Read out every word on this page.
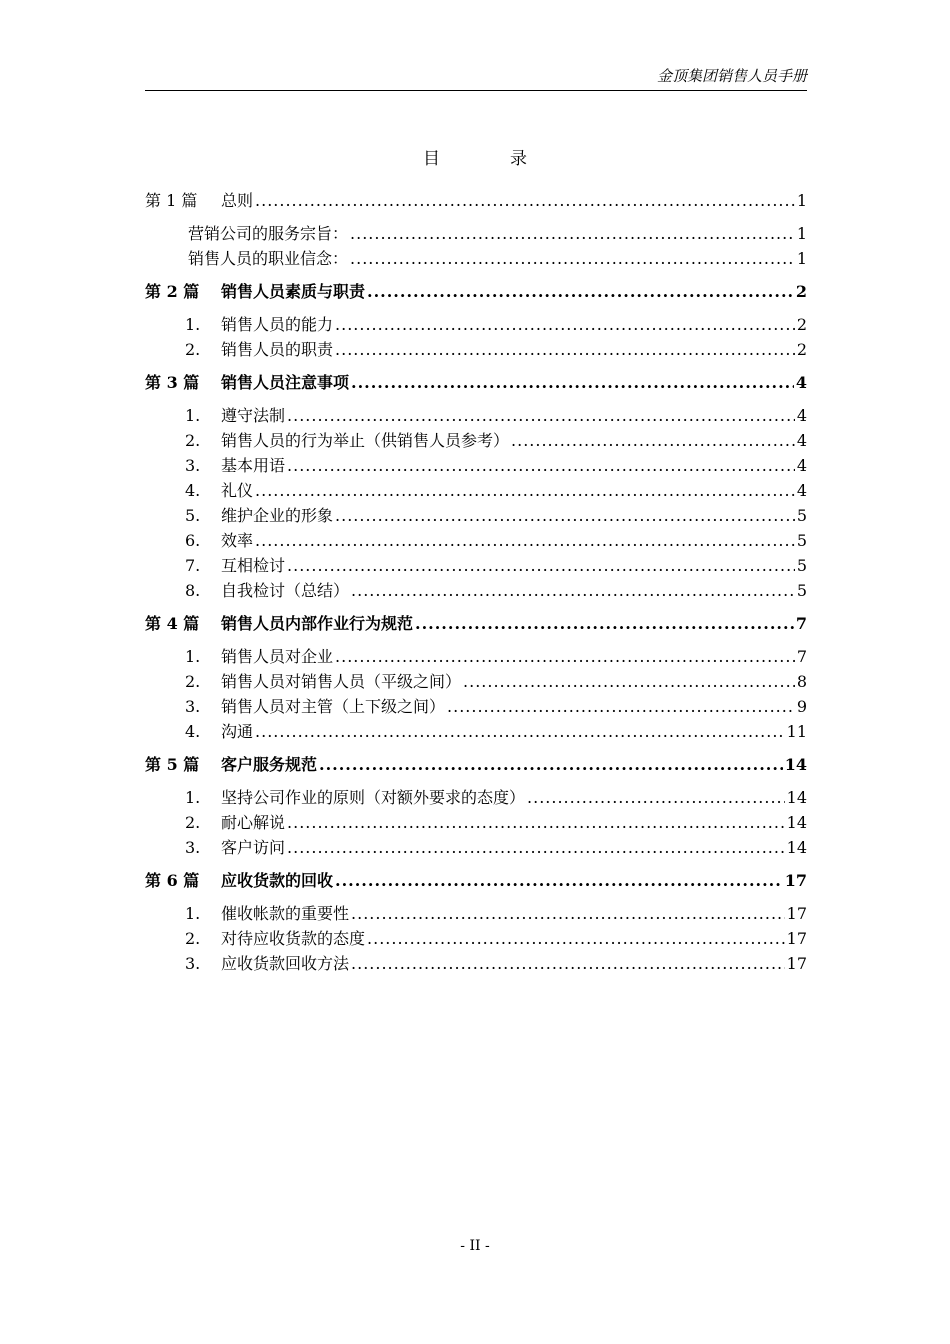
金顶集团销售人员手册
目	录
第 1 篇	总则 .....	1
营销公司的服务宗旨： .....	1
销售人员的职业信念： .....	1
第 2 篇	销售人员素质与职责 .....	2
1.	销售人员的能力 .....	2
2.	销售人员的职责 .....	2
第 3 篇	销售人员注意事项 .....	4
1.	遵守法制 .....	4
2.	销售人员的行为举止（供销售人员参考） .....	4
3.	基本用语 .....	4
4.	礼仪 .....	4
5.	维护企业的形象 .....	5
6.	效率 .....	5
7.	互相检讨 .....	5
8.	自我检讨（总结） .....	5
第 4 篇	销售人员内部作业行为规范 .....	7
1.	销售人员对企业 .....	7
2.	销售人员对销售人员（平级之间） .....	8
3.	销售人员对主管（上下级之间） .....	9
4.	沟通 .....	11
第 5 篇	客户服务规范 .....	14
1.	坚持公司作业的原则（对额外要求的态度） .....	14
2.	耐心解说 .....	14
3.	客户访问 .....	14
第 6 篇	应收货款的回收 .....	17
1.	催收帐款的重要性 .....	17
2.	对待应收货款的态度 .....	17
3.	应收货款回收方法 .....	17
- II -
